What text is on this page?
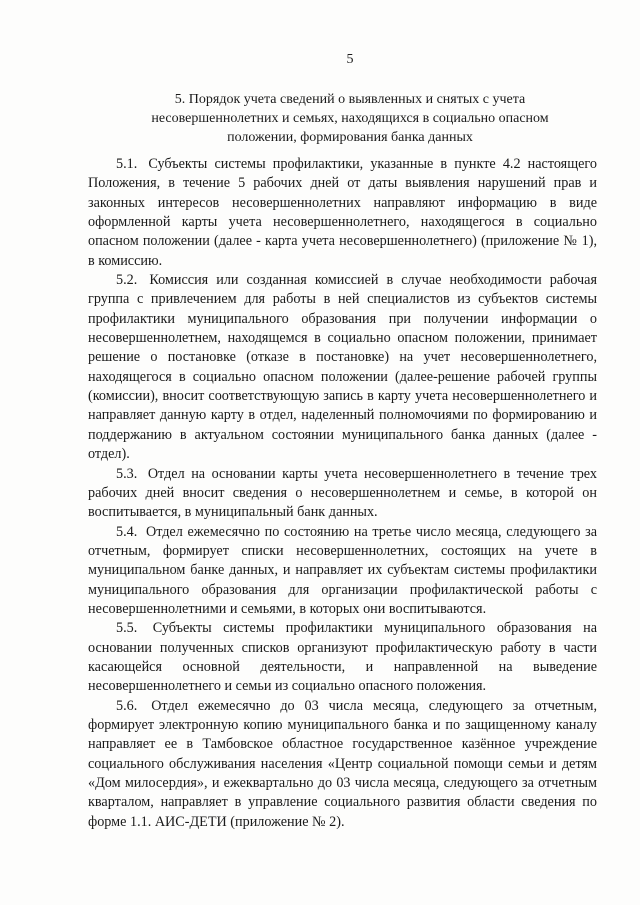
5
5. Порядок учета сведений о выявленных и снятых с учета несовершеннолетних и семьях, находящихся в социально опасном положении, формирования банка данных

5.1. Субъекты системы профилактики, указанные в пункте 4.2 настоящего Положения, в течение 5 рабочих дней от даты выявления нарушений прав и законных интересов несовершеннолетних направляют информацию в виде оформленной карты учета несовершеннолетнего, находящегося в социально опасном положении (далее - карта учета несовершеннолетнего) (приложение № 1), в комиссию.

5.2. Комиссия или созданная комиссией в случае необходимости рабочая группа с привлечением для работы в ней специалистов из субъектов системы профилактики муниципального образования при получении информации о несовершеннолетнем, находящемся в социально опасном положении, принимает решение о постановке (отказе в постановке) на учет несовершеннолетнего, находящегося в социально опасном положении (далее-решение рабочей группы (комиссии), вносит соответствующую запись в карту учета несовершеннолетнего и направляет данную карту в отдел, наделенный полномочиями по формированию и поддержанию в актуальном состоянии муниципального банка данных (далее - отдел).

5.3. Отдел на основании карты учета несовершеннолетнего в течение трех рабочих дней вносит сведения о несовершеннолетнем и семье, в которой он воспитывается, в муниципальный банк данных.

5.4. Отдел ежемесячно по состоянию на третье число месяца, следующего за отчетным, формирует списки несовершеннолетних, состоящих на учете в муниципальном банке данных, и направляет их субъектам системы профилактики муниципального образования для организации профилактической работы с несовершеннолетними и семьями, в которых они воспитываются.

5.5. Субъекты системы профилактики муниципального образования на основании полученных списков организуют профилактическую работу в части касающейся основной деятельности, и направленной на выведение несовершеннолетнего и семьи из социально опасного положения.

5.6. Отдел ежемесячно до 03 числа месяца, следующего за отчетным, формирует электронную копию муниципального банка и по защищенному каналу направляет ее в Тамбовское областное государственное казённое учреждение социального обслуживания населения «Центр социальной помощи семьи и детям «Дом милосердия», и ежеквартально до 03 числа месяца, следующего за отчетным кварталом, направляет в управление социального развития области сведения по форме 1.1. АИС-ДЕТИ (приложение № 2).
